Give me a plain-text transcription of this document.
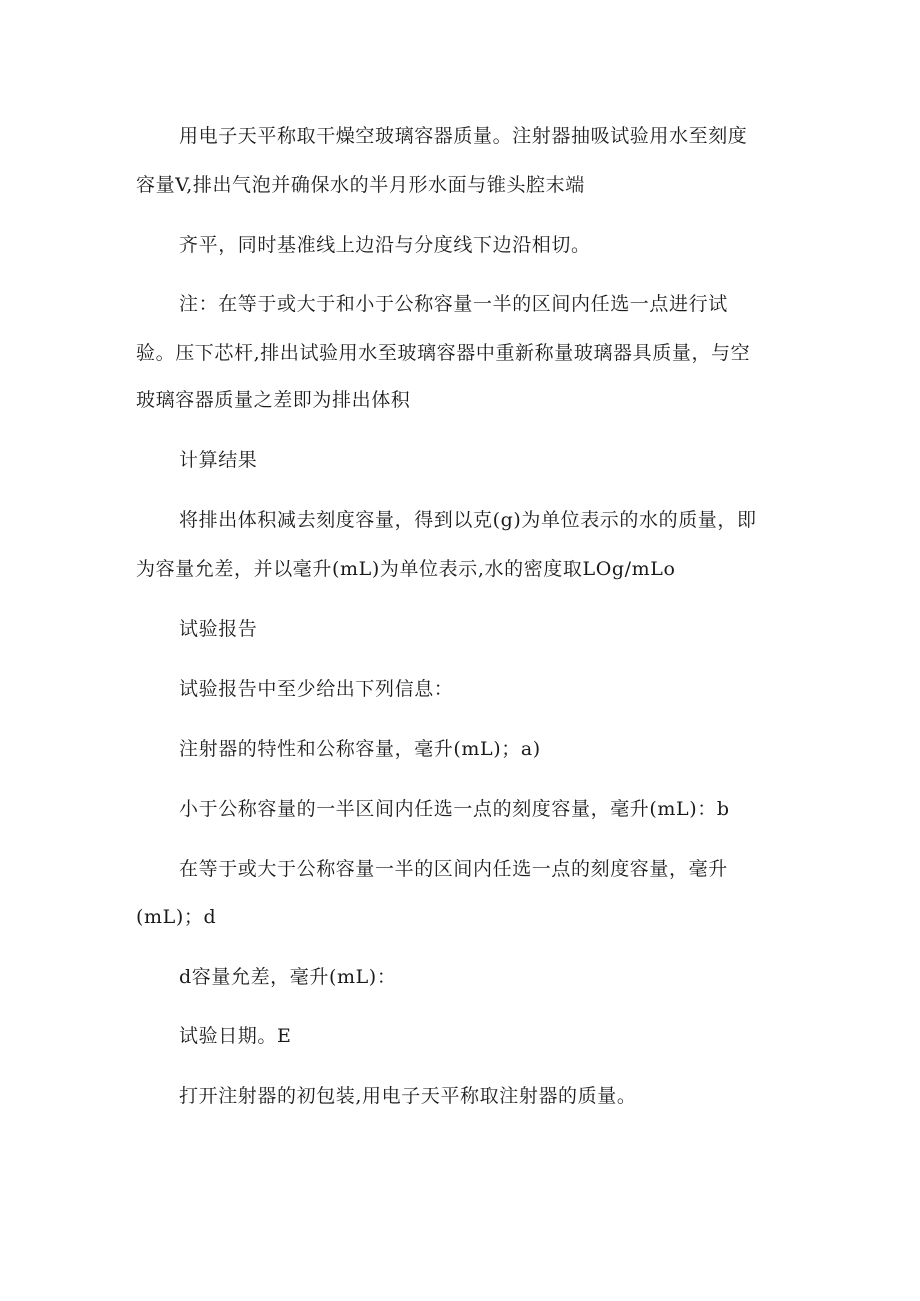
用电子天平称取干燥空玻璃容器质量。注射器抽吸试验用水至刻度
容量V,排出气泡并确保水的半月形水面与锥头腔末端
齐平，同时基准线上边沿与分度线下边沿相切。
注：在等于或大于和小于公称容量一半的区间内任选一点进行试
验。压下芯杆,排出试验用水至玻璃容器中重新称量玻璃器具质量，与空
玻璃容器质量之差即为排出体积
计算结果
将排出体积减去刻度容量，得到以克(g)为单位表示的水的质量，即
为容量允差，并以毫升(mL)为单位表示,水的密度取LOg/mLo
试验报告
试验报告中至少给出下列信息：
注射器的特性和公称容量，毫升(mL)；a)
小于公称容量的一半区间内任选一点的刻度容量，毫升(mL)：b
在等于或大于公称容量一半的区间内任选一点的刻度容量，毫升
(mL)；d
d容量允差，毫升(mL)：
试验日期。E
打开注射器的初包装,用电子天平称取注射器的质量。
